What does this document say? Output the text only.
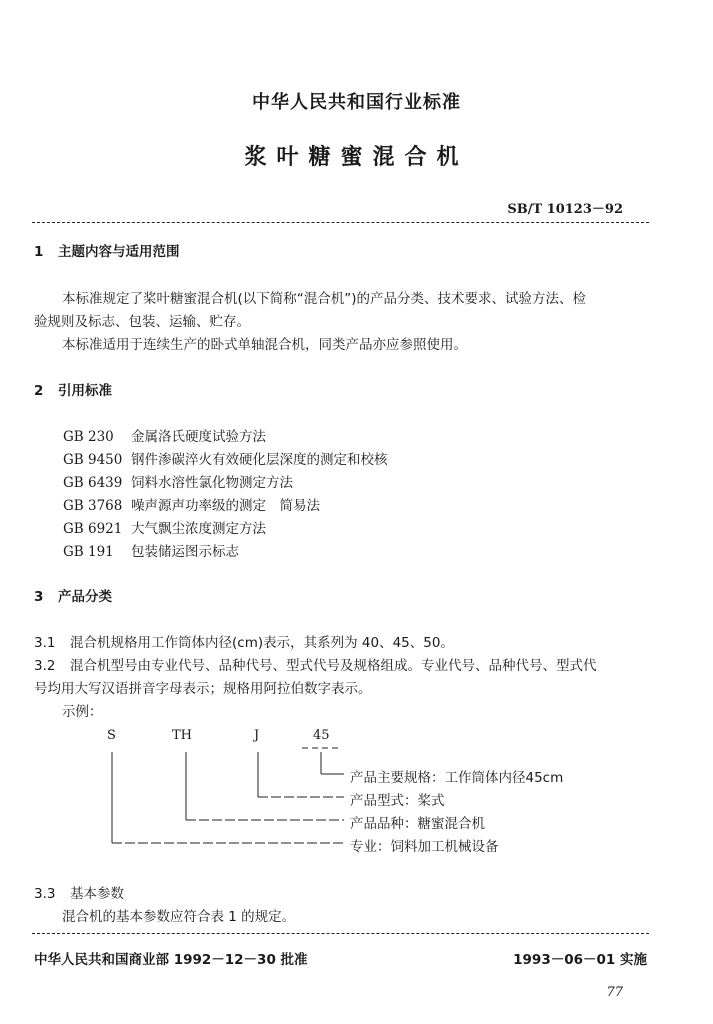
中华人民共和国行业标准
浆叶糖蜜混合机
SB/T 10123－92
1 主题内容与适用范围
本标准规定了桨叶糖蜜混合机(以下简称“混合机”)的产品分类、技术要求、试验方法、检
验规则及标志、包装、运输、贮存。
本标准适用于连续生产的卧式单轴混合机，同类产品亦应参照使用。
2 引用标准
GB 230 金属洛氏硬度试验方法
GB 9450 钢件渗碳淬火有效硬化层深度的测定和校核
GB 6439 饲料水溶性氯化物测定方法
GB 3768 噪声源声功率级的测定　简易法
GB 6921 大气飘尘浓度测定方法
GB 191 包装储运图示标志
3 产品分类
3.1 混合机规格用工作筒体内径(cm)表示，其系列为 40、45、50。
3.2 混合机型号由专业代号、品种代号、型式代号及规格组成。专业代号、品种代号、型式代
号均用大写汉语拼音字母表示；规格用阿拉伯数字表示。
示例：
S	TH	J	45
产品主要规格：工作筒体内径45cm
产品型式：桨式
产品品种：糖蜜混合机
专业：饲料加工机械设备
3.3 基本参数
混合机的基本参数应符合表 1 的规定。
中华人民共和国商业部 1992－12－30 批准	1993－06－01 实施
77
